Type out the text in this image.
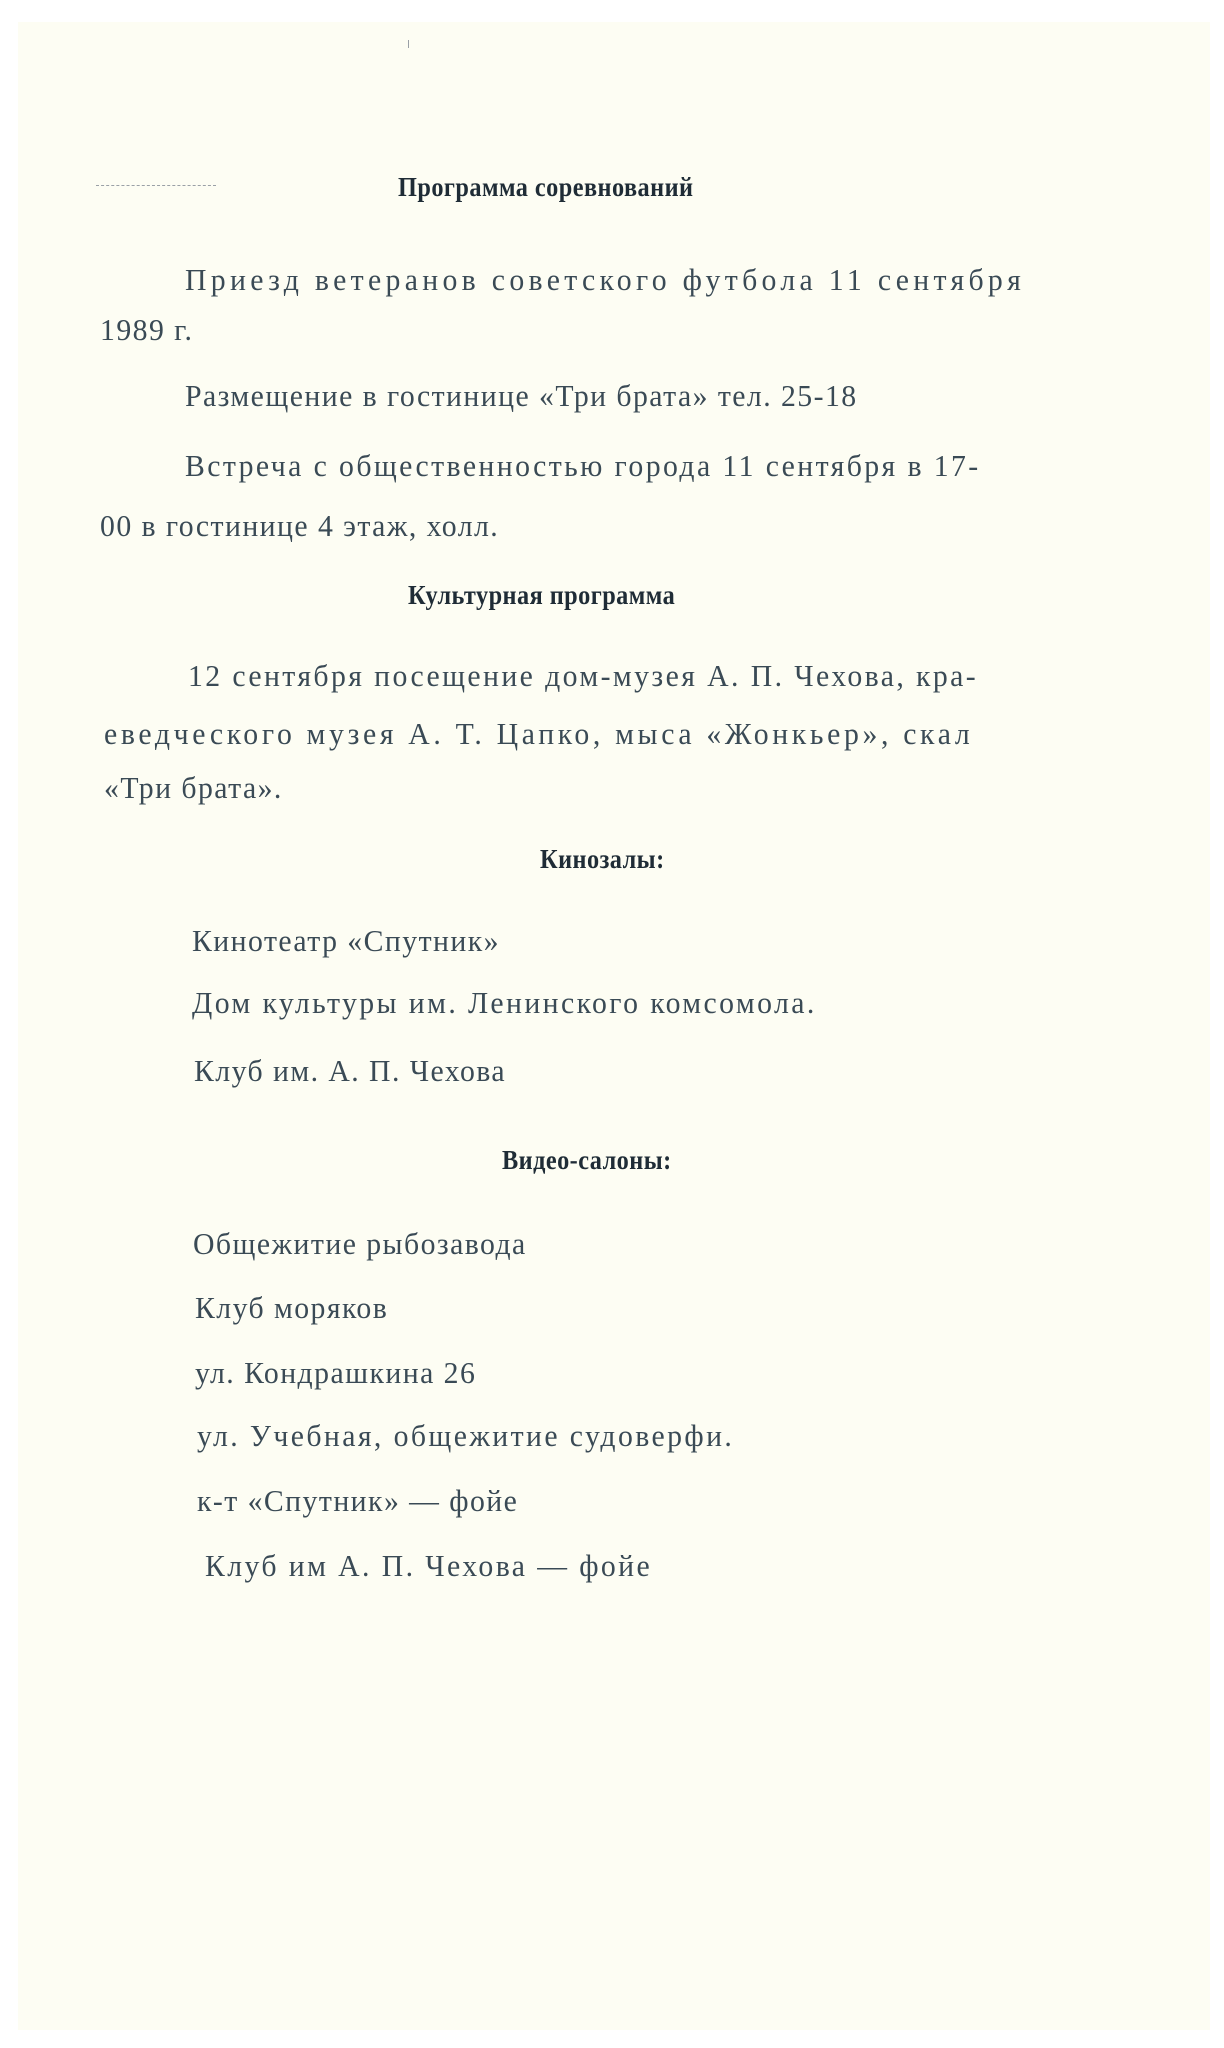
Программа соревнований
Приезд ветеранов советского футбола 11 сентября
1989 г.
Размещение в гостинице «Три брата» тел. 25-18
Встреча с общественностью города 11 сентября в 17-
00 в гостинице 4 этаж, холл.
Культурная программа
12 сентября посещение дом-музея А. П. Чехова, кра-
еведческого музея А. Т. Цапко, мыса «Жонкьер», скал
«Три брата».
Кинозалы:
Кинотеатр «Спутник»
Дом культуры им. Ленинского комсомола.
Клуб им. А. П. Чехова
Видео-салоны:
Общежитие рыбозавода
Клуб моряков
ул. Кондрашкина 26
ул. Учебная, общежитие судоверфи.
к-т «Спутник» — фойе
Клуб им А. П. Чехова — фойе
